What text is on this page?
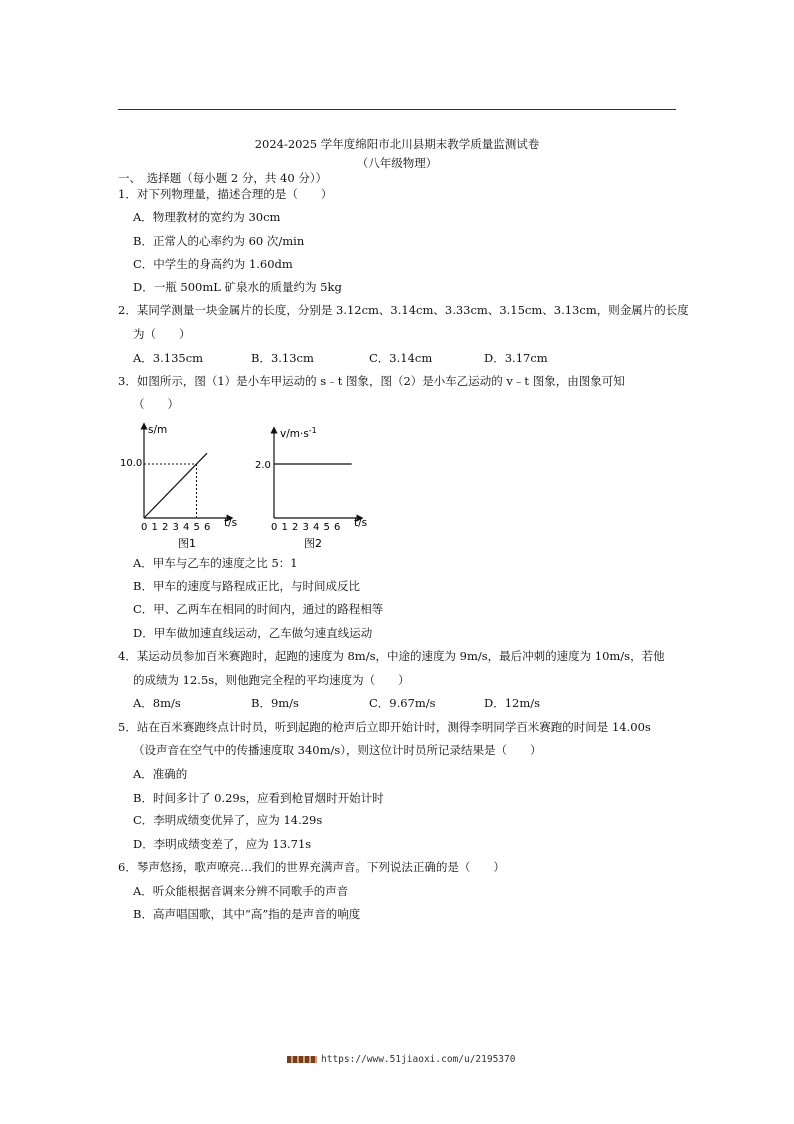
2024-2025 学年度绵阳市北川县期末教学质量监测试卷
（八年级物理）
一、　选择题（每小题 2 分，共 40 分））
1．对下列物理量，描述合理的是（　　）
A．物理教材的宽约为 30cm
B．正常人的心率约为 60 次/min
C．中学生的身高约为 1.60dm
D．一瓶 500mL 矿泉水的质量约为 5kg
2．某同学测量一块金属片的长度，分别是 3.12cm、3.14cm、3.33cm、3.15cm、3.13cm，则金属片的长度
为（　　）
A．3.135cm	B．3.13cm	C．3.14cm	D．3.17cm
3．如图所示，图（1）是小车甲运动的 s﹣t 图象，图（2）是小车乙运动的 v﹣t 图象，由图象可知
（　　）
s/m
t/s
10.0
0 1 2 3 4 5 6
图1
$v/m\cdot s^{-1}$
t/s
2.0
0 1 2 3 4 5 6
图2
A．甲车与乙车的速度之比 5：1
B．甲车的速度与路程成正比，与时间成反比
C．甲、乙两车在相同的时间内，通过的路程相等
D．甲车做加速直线运动，乙车做匀速直线运动
4．某运动员参加百米赛跑时，起跑的速度为 8m/s，中途的速度为 9m/s，最后冲刺的速度为 10m/s，若他
的成绩为 12.5s，则他跑完全程的平均速度为（　　）
A．8m/s	B．9m/s	C．9.67m/s	D．12m/s
5．站在百米赛跑终点计时员，听到起跑的枪声后立即开始计时，测得李明同学百米赛跑的时间是 14.00s
（设声音在空气中的传播速度取 340m/s），则这位计时员所记录结果是（　　）
A．准确的
B．时间多计了 0.29s，应看到枪冒烟时开始计时
C．李明成绩变优异了，应为 14.29s
D．李明成绩变差了，应为 13.71s
6．琴声悠扬，歌声嘹亮…我们的世界充满声音。下列说法正确的是（　　）
A．听众能根据音调来分辨不同歌手的声音
B．高声唱国歌，其中“高”指的是声音的响度
https://www.51jiaoxi.com/u/2195370
